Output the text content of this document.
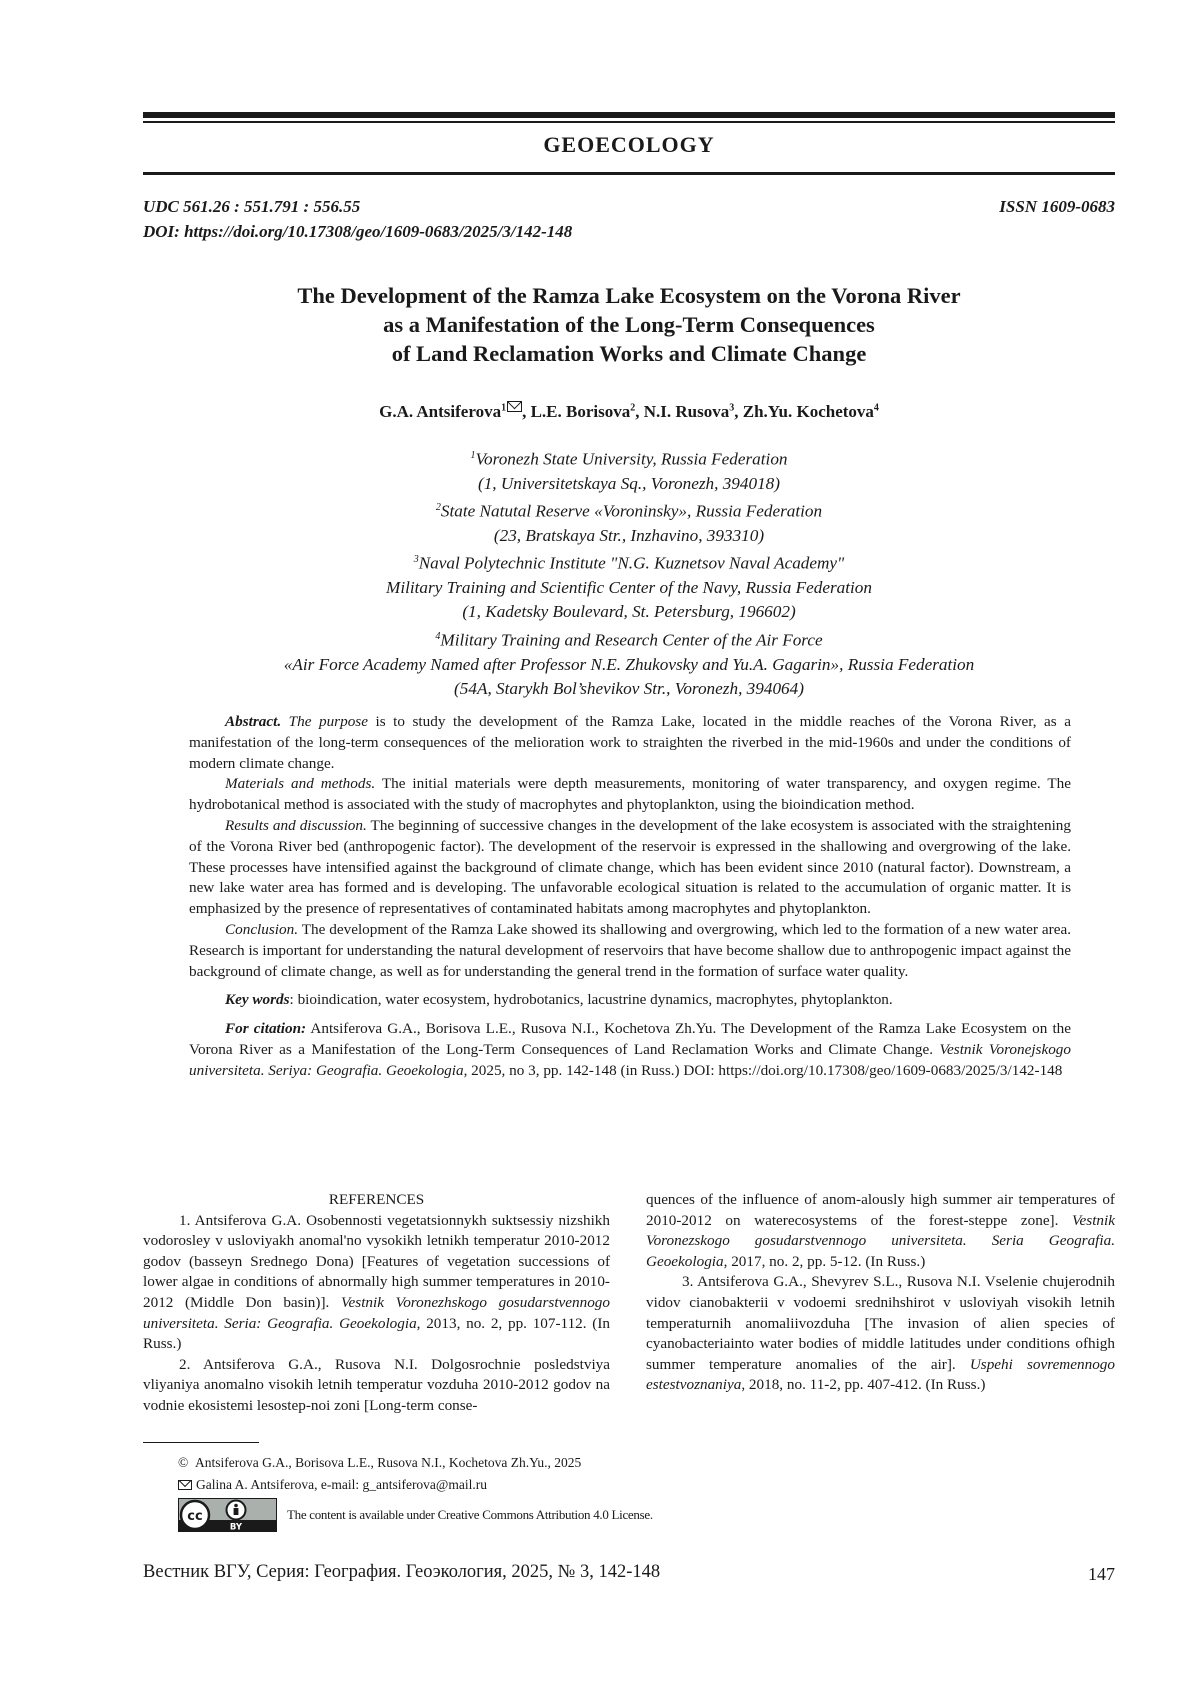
GEOECOLOGY
UDC 561.26 : 551.791 : 556.55	ISSN 1609-0683
DOI: https://doi.org/10.17308/geo/1609-0683/2025/3/142-148
The Development of the Ramza Lake Ecosystem on the Vorona River
as a Manifestation of the Long-Term Consequences
of Land Reclamation Works and Climate Change
G.A. Antsiferova1 , L.E. Borisova2, N.I. Rusova3, Zh.Yu. Kochetova4
1Voronezh State University, Russia Federation
(1, Universitetskaya Sq., Voronezh, 394018)
2State Natutal Reserve «Voroninsky», Russia Federation
(23, Bratskaya Str., Inzhavino, 393310)
3Naval Polytechnic Institute "N.G. Kuznetsov Naval Academy"
Military Training and Scientific Center of the Navy, Russia Federation
(1, Kadetsky Boulevard, St. Petersburg, 196602)
4Military Training and Research Center of the Air Force
«Air Force Academy Named after Professor N.E. Zhukovsky and Yu.A. Gagarin», Russia Federation
(54A, Starykh Bol’shevikov Str., Voronezh, 394064)

Abstract. The purpose is to study the development of the Ramza Lake, located in the middle reaches of the Vorona River, as a manifestation of the long-term consequences of the melioration work to straighten the riverbed in the mid-1960s and under the conditions of modern climate change.

Materials and methods. The initial materials were depth measurements, monitoring of water transparency, and oxygen regime. The hydrobotanical method is associated with the study of macrophytes and phytoplankton, using the bioindication method.

Results and discussion. The beginning of successive changes in the development of the lake ecosystem is associated with the straightening of the Vorona River bed (anthropogenic factor). The development of the reservoir is expressed in the shallowing and overgrowing of the lake. These processes have intensified against the background of climate change, which has been evident since 2010 (natural factor). Downstream, a new lake water area has formed and is developing. The unfavorable ecological situation is related to the accumulation of organic matter. It is emphasized by the presence of representatives of contaminated habitats among macrophytes and phytoplankton.

Conclusion. The development of the Ramza Lake showed its shallowing and overgrowing, which led to the formation of a new water area. Research is important for understanding the natural development of reservoirs that have become shallow due to anthropogenic impact against the background of climate change, as well as for understanding the general trend in the formation of surface water quality.

Key words: bioindication, water ecosystem, hydrobotanics, lacustrine dynamics, macrophytes, phytoplankton.

For citation: Antsiferova G.A., Borisova L.E., Rusova N.I., Kochetova Zh.Yu. The Development of the Ramza Lake Ecosystem on the Vorona River as a Manifestation of the Long-Term Consequences of Land Reclamation Works and Climate Change. Vestnik Voronejskogo universiteta. Seriya: Geografia. Geoekologia, 2025, no 3, pp. 142-148 (in Russ.) DOI: https://doi.org/10.17308/geo/1609-0683/2025/3/142-148

REFERENCES

1. Antsiferova G.A. Osobennosti vegetatsionnykh suktsessiy nizshikh vodorosley v usloviyakh anomal'no vysokikh letnikh temperatur 2010-2012 godov (basseyn Srednego Dona) [Features of vegetation successions of lower algae in conditions of abnormally high summer temperatures in 2010-2012 (Middle Don basin)]. Vestnik Voronezhskogo gosudarstvennogo universiteta. Seria: Geografia. Geoekologia, 2013, no. 2, pp. 107-112. (In Russ.)

2. Antsiferova G.A., Rusova N.I. Dolgosrochnie posledstviya vliyaniya anomalno visokih letnih temperatur vozduha 2010-2012 godov na vodnie ekosistemi lesostep-noi zoni [Long-term conse-

quences of the influence of anom-alously high summer air temperatures of 2010-2012 on waterecosystems of the forest-steppe zone]. Vestnik Voronezskogo gosudarstvennogo universiteta. Seria Geografia. Geoekologia, 2017, no. 2, pp. 5-12. (In Russ.)

3. Antsiferova G.A., Shevyrev S.L., Rusova N.I. Vselenie chujerodnih vidov cianobakterii v vodoemi srednihshirot v usloviyah visokih letnih temperaturnih anomaliivozduha [The invasion of alien species of cyanobacteriainto water bodies of middle latitudes under conditions ofhigh summer temperature anomalies of the air]. Uspehi sovremennogo estestvoznaniya, 2018, no. 11-2, pp. 407-412. (In Russ.)

© Antsiferova G.A., Borisova L.E., Rusova N.I., Kochetova Zh.Yu., 2025
Galina A. Antsiferova, e-mail: g_antsiferova@mail.ru
cc
BY
The content is available under Creative Commons Attribution 4.0 License.
Вестник ВГУ, Серия: География. Геоэкология, 2025, № 3, 142-148	147
